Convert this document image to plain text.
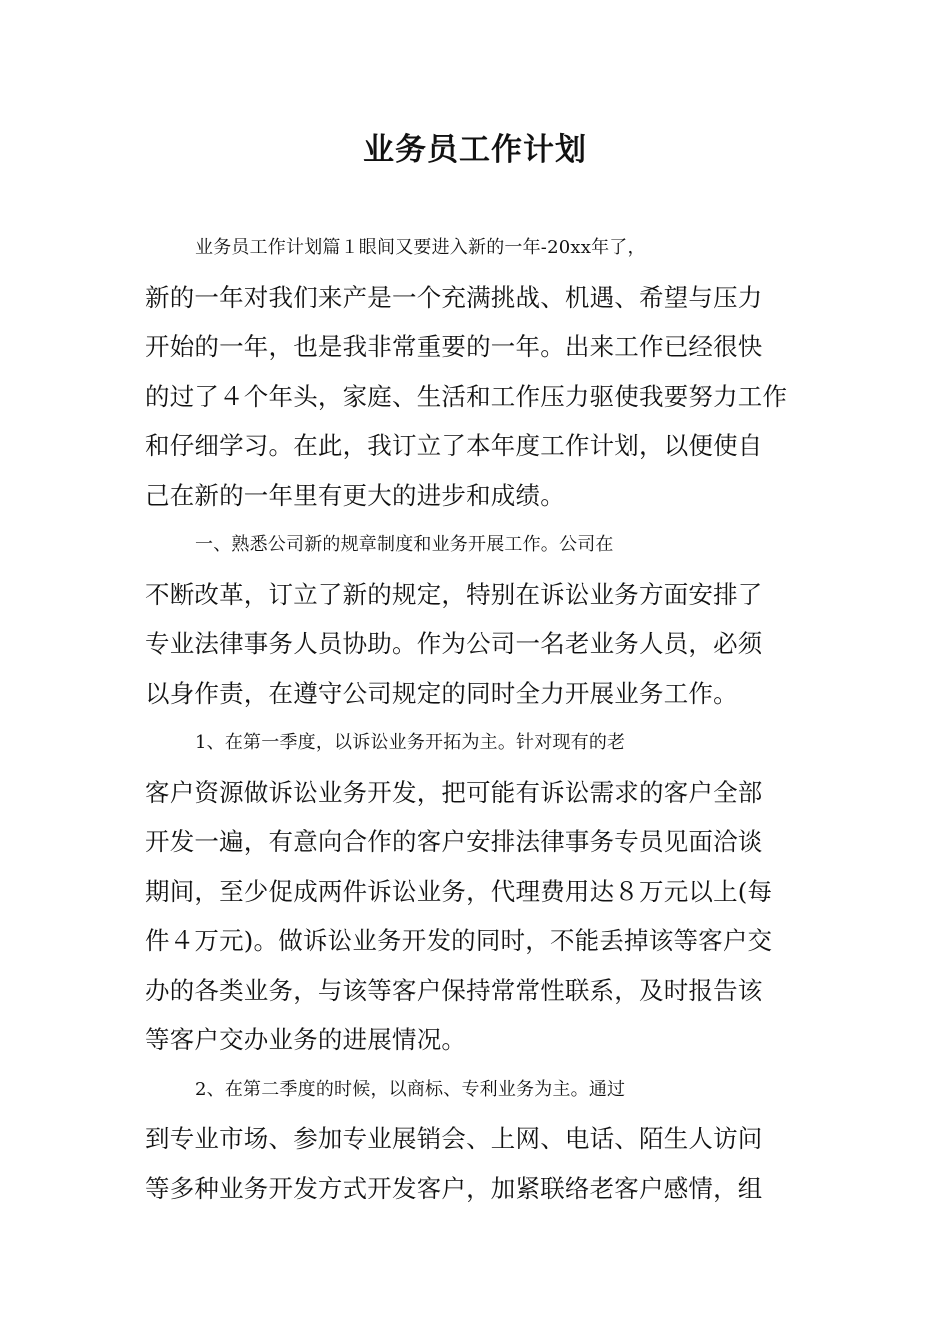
业务员工作计划
业务员工作计划篇１眼间又要进入新的一年-20xx年了，
新的一年对我们来产是一个充满挑战、机遇、希望与压力
开始的一年，也是我非常重要的一年。出来工作已经很快
的过了４个年头，家庭、生活和工作压力驱使我要努力工作
和仔细学习。在此，我订立了本年度工作计划，以便使自
己在新的一年里有更大的进步和成绩。
一、熟悉公司新的规章制度和业务开展工作。公司在
不断改革，订立了新的规定，特别在诉讼业务方面安排了
专业法律事务人员协助。作为公司一名老业务人员，必须
以身作责，在遵守公司规定的同时全力开展业务工作。
1、在第一季度，以诉讼业务开拓为主。针对现有的老
客户资源做诉讼业务开发，把可能有诉讼需求的客户全部
开发一遍，有意向合作的客户安排法律事务专员见面洽谈
期间，至少促成两件诉讼业务，代理费用达８万元以上(每
件４万元)。做诉讼业务开发的同时，不能丢掉该等客户交
办的各类业务，与该等客户保持常常性联系，及时报告该
等客户交办业务的进展情况。
2、在第二季度的时候，以商标、专利业务为主。通过
到专业市场、参加专业展销会、上网、电话、陌生人访问
等多种业务开发方式开发客户，加紧联络老客户感情，组
